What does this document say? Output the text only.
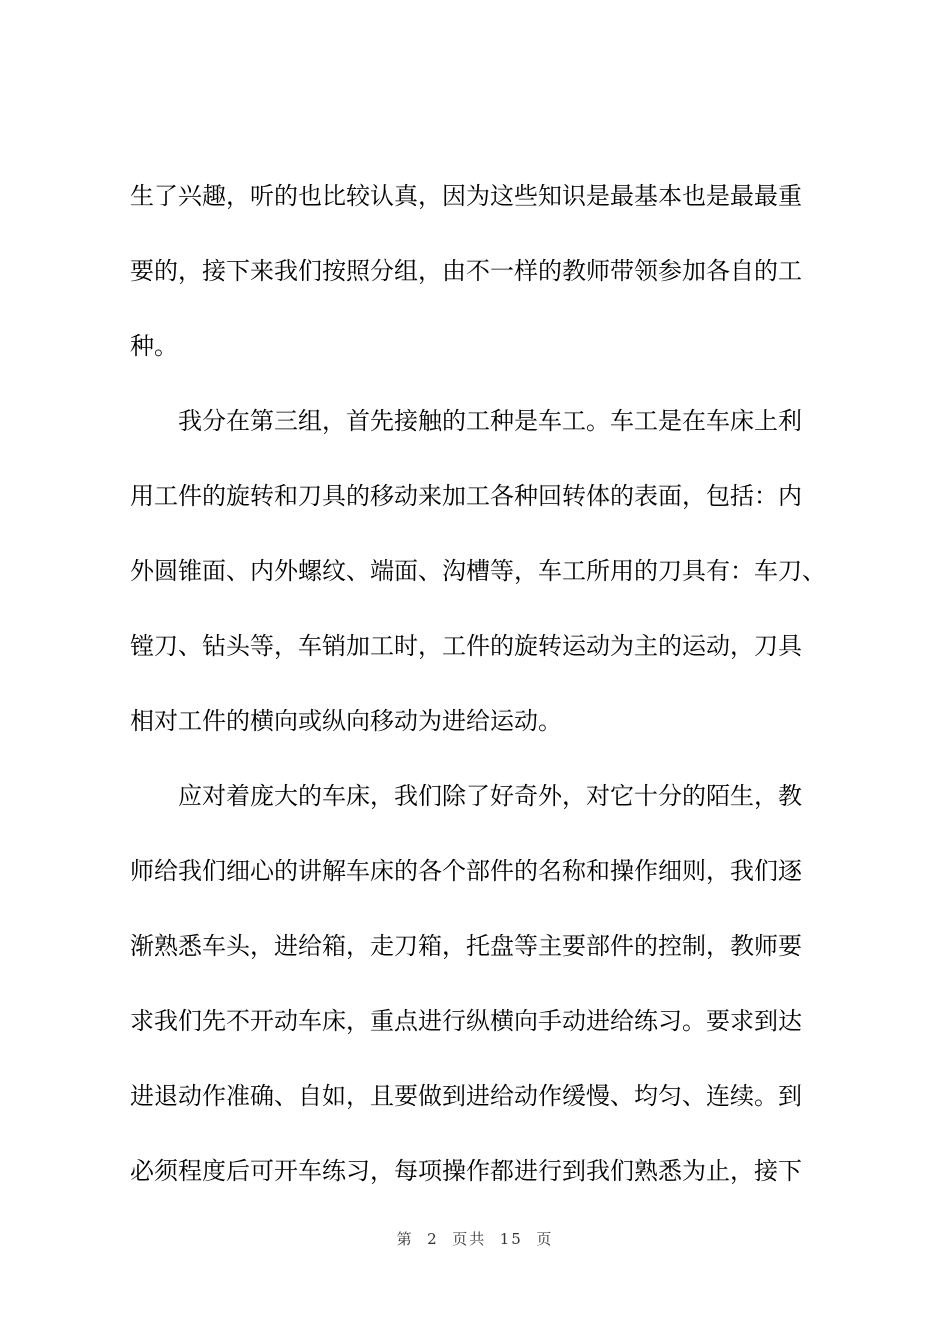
生了兴趣，听的也比较认真，因为这些知识是最基本也是最最重
要的，接下来我们按照分组，由不一样的教师带领参加各自的工
种。
我分在第三组，首先接触的工种是车工。车工是在车床上利
用工件的旋转和刀具的移动来加工各种回转体的表面，包括：内
外圆锥面、内外螺纹、端面、沟槽等，车工所用的刀具有：车刀、
镗刀、钻头等，车销加工时，工件的旋转运动为主的运动，刀具
相对工件的横向或纵向移动为进给运动。
应对着庞大的车床，我们除了好奇外，对它十分的陌生，教
师给我们细心的讲解车床的各个部件的名称和操作细则，我们逐
渐熟悉车头，进给箱，走刀箱，托盘等主要部件的控制，教师要
求我们先不开动车床，重点进行纵横向手动进给练习。要求到达
进退动作准确、自如，且要做到进给动作缓慢、均匀、连续。到
必须程度后可开车练习，每项操作都进行到我们熟悉为止，接下
第  2  页共  15  页
